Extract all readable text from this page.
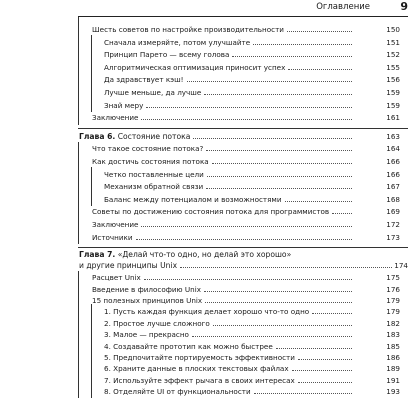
Оглавление	9
Шесть советов по настройке производительности	150
Сначала измеряйте, потом улучшайте	151
Принцип Парето — всему голова	152
Алгоритмическая оптимизация приносит успех	155
Да здравствует кэш!	156
Лучше меньше, да лучше	159
Знай меру	159
Заключение	161
Глава 6. Состояние потока	163
Что такое состояние потока?	164
Как достичь состояния потока	166
Четко поставленные цели	166
Механизм обратной связи	167
Баланс между потенциалом и возможностями	168
Советы по достижению состояния потока для программистов	169
Заключение	172
Источники	173
Глава 7. «Делай что-то одно, но делай это хорошо»
и другие принципы Unix	174
Расцвет Unix	175
Введение в философию Unix	176
15 полезных принципов Unix	179
1. Пусть каждая функция делает хорошо что-то одно	179
2. Простое лучше сложного	182
3. Малое — прекрасно	183
4. Создавайте прототип как можно быстрее	185
5. Предпочитайте портируемость эффективности	186
6. Храните данные в плоских текстовых файлах	189
7. Используйте эффект рычага в своих интересах	191
8. Отделяйте UI от функциональности	193
